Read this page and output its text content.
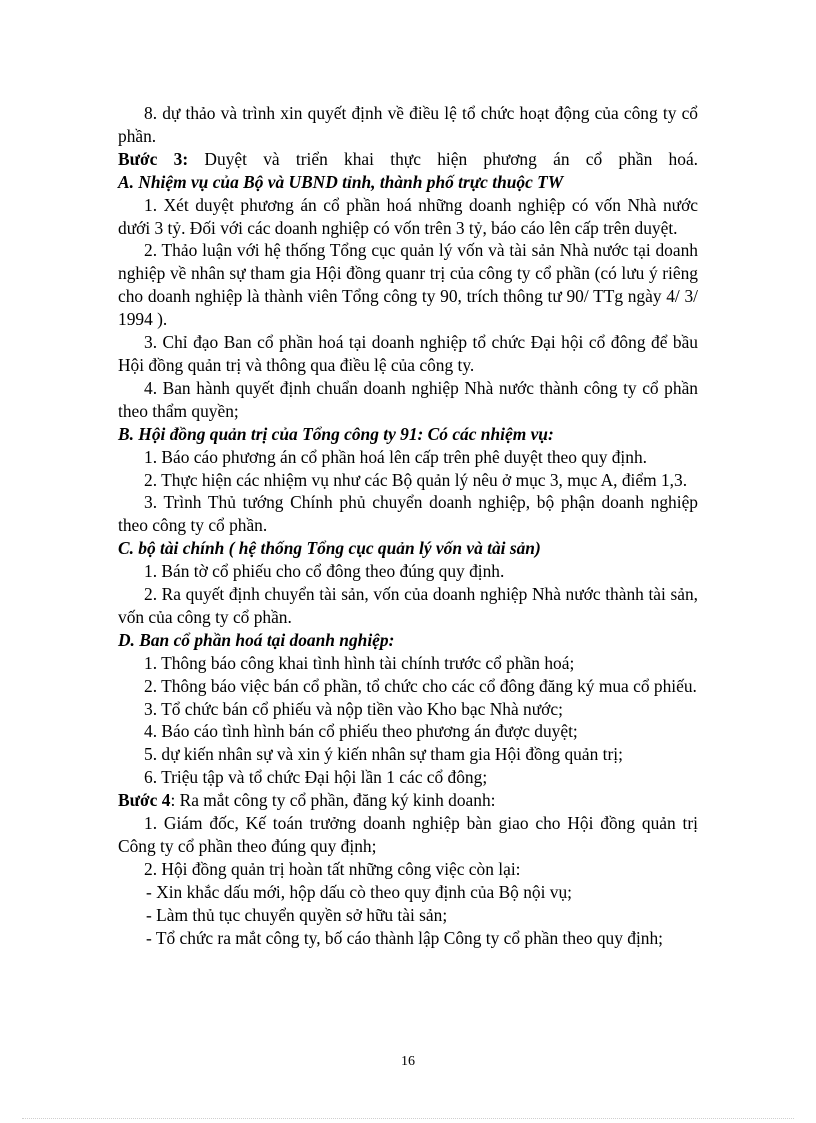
8. dự thảo và trình xin quyết định về điều lệ tổ chức hoạt động của công ty cổ phần.

Bước 3: Duyệt và triển khai thực hiện phương án cổ phần hoá.

A. Nhiệm vụ của Bộ và UBND tỉnh, thành phố trực thuộc TW

1. Xét duyệt phương án cổ phần hoá những doanh nghiệp có vốn Nhà nước dưới 3 tỷ. Đối với các doanh nghiệp có vốn trên 3 tỷ, báo cáo lên cấp trên duyệt.

2. Thảo luận với hệ thống Tổng cục quản lý vốn và tài sản Nhà nước tại doanh nghiệp về nhân sự tham gia Hội đồng quanr trị của công ty cổ phần (có lưu ý riêng cho doanh nghiệp là thành viên Tổng công ty 90, trích thông tư 90/ TTg ngày 4/ 3/ 1994 ).

3. Chỉ đạo Ban cổ phần hoá tại doanh nghiệp tổ chức Đại hội cổ đông để bầu Hội đồng quản trị và thông qua điều lệ của công ty.

4. Ban hành quyết định chuẩn doanh nghiệp Nhà nước thành công ty cổ phần theo thẩm quyền;

B. Hội đồng quản trị của Tổng công ty 91: Có các nhiệm vụ:

1. Báo cáo phương án cổ phần hoá lên cấp trên phê duyệt theo quy định.

2. Thực hiện các nhiệm vụ như các Bộ quản lý nêu ở mục 3, mục A, điểm 1,3.

3. Trình Thủ tướng Chính phủ chuyển doanh nghiệp, bộ phận doanh nghiệp theo công ty cổ phần.

C. bộ tài chính ( hệ thống Tổng cục quản lý vốn và tài sản)

1. Bán tờ cổ phiếu cho cổ đông theo đúng quy định.

2. Ra quyết định chuyển tài sản, vốn của doanh nghiệp Nhà nước thành tài sản, vốn của công ty cổ phần.

D. Ban cổ phần hoá tại doanh nghiệp:

1. Thông báo công khai tình hình tài chính trước cổ phần hoá;

2. Thông báo việc bán cổ phần, tổ chức cho các cổ đông đăng ký mua cổ phiếu.

3. Tổ chức bán cổ phiếu và nộp tiền vào Kho bạc Nhà nước;

4. Báo cáo tình hình bán cổ phiếu theo phương án được duyệt;

5. dự kiến nhân sự và xin ý kiến nhân sự tham gia Hội đồng quản trị;

6. Triệu tập và tổ chức Đại hội lần 1 các cổ đông;

Bước 4: Ra mắt công ty cổ phần, đăng ký kinh doanh:

1. Giám đốc, Kế toán trưởng doanh nghiệp bàn giao cho Hội đồng quản trị Công ty cổ phần theo đúng quy định;

2. Hội đồng quản trị hoàn tất những công việc còn lại:

- Xin khắc dấu mới, hộp dấu cò theo quy định của Bộ nội vụ;

- Làm thủ tục chuyển quyền sở hữu tài sản;

- Tổ chức ra mắt công ty, bố cáo thành lập Công ty cổ phần theo quy định;

16
